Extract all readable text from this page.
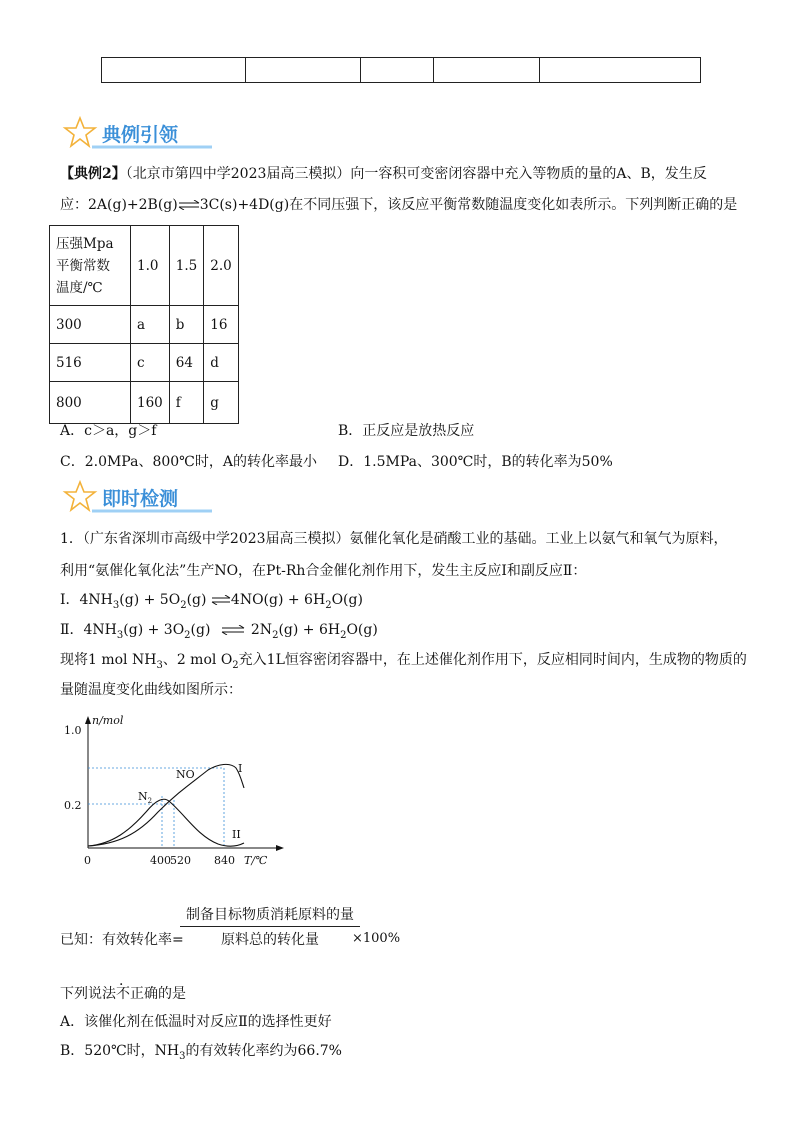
典例引领
【典例2】（北京市第四中学2023届高三模拟）向一容积可变密闭容器中充入等物质的量的A、B，发生反
应：2A(g)+2B(g)⇌3C(s)+4D(g)在不同压强下，该反应平衡常数随温度变化如表所示。下列判断正确的是
压强Mpa
平衡常数
温度/℃	1.0	1.5	2.0
300	a	b	16
516	c	64	d
800	160	f	g
A．c＞a，g＞f	B．正反应是放热反应
C．2.0MPa、800℃时，A的转化率最小 D．1.5MPa、300℃时，B的转化率为50%
即时检测
1．（广东省深圳市高级中学2023届高三模拟）氨催化氧化是硝酸工业的基础。工业上以氨气和氧气为原料，
利用“氨催化氧化法”生产NO，在Pt-Rh合金催化剂作用下，发生主反应Ⅰ和副反应Ⅱ：
Ⅰ．$4NH_3(g) + 5O_2(g)$ ⇌4NO(g) + $6H_2O(g)$
Ⅱ．$4NH_3(g) + 3O_2(g)$ ⇌ $2N_2(g) + 6H_2O(g)$
现将1 mol $NH_3$、2 mol $O_2$充入1L恒容密闭容器中，在上述催化剂作用下，反应相同时间内，生成物的物质的
量随温度变化曲线如图所示：
n/mol
1.0
0.2
0	400 520 840 T/℃
NO
$N_2$
I
II
已知：有效转化率=
制备目标物质消耗原料的量
原料总的转化量	×100%
下列说法不正确的是
A．该催化剂在低温时对反应Ⅱ的选择性更好
B．520℃时，$NH_3$的有效转化率约为66.7%
